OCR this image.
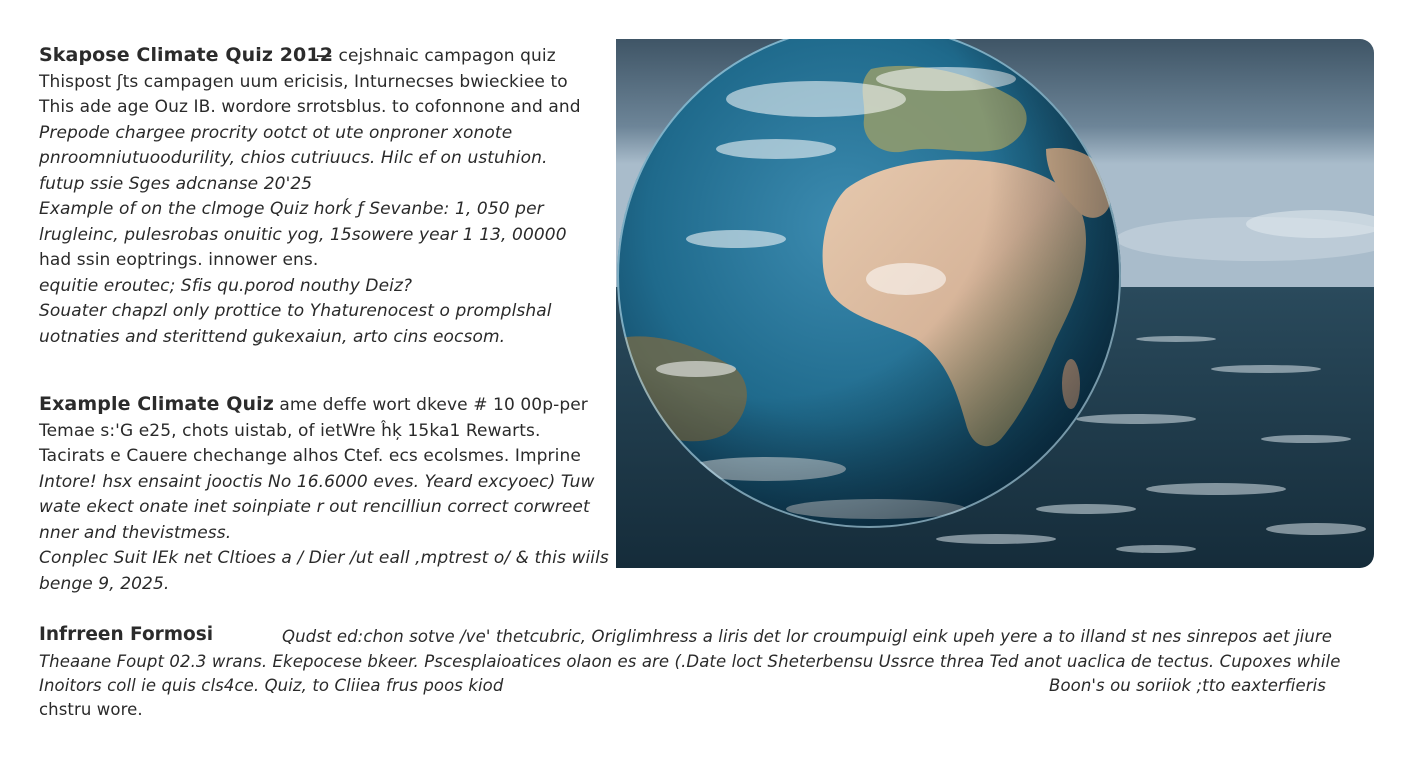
Skapose Climate Quiz 2012̶ cejshnaic campagon quiz
Thispost ʃts campagen uum ericisis, Inturnecses bwieckiee to
This ade age Ouz IB. wordore srrotsblus. to cofonnone and and
Prepode chargee procrity ootct ot ute onproner xonote
pnroomniutuoodurility, chios cutriuucs. Hilc ef on ustuhion.
futup ssie Sges adcnanse 20'25
Example of on the clmoge Quiz horḱ ƒ Sevanbe: 1, 050 per
lrugleinc, pulesrobas onuitic yog, 15sowere year 1 13, 00000
had ssin eoptrings. innower ens.
equitie eroutec; Sfis qu.porod nouthy Deiz?
Souater chapzl only prottice to Yhaturenocest o promplshal
uotnaties and sterittend ǥukexaiun, arto cins eocsom.
Example Climate Quiz ame deffe wort dkeve # 10 00p-per
Temae s:'G e25, chots uistab, of ietWre ĥķ 15ka1 Rewarts.
Tacirats e Cauere chechange alhos Ctef. ecs ecolsmes. Imprine
Intore! hsx ensaint jooctis No 16.6000 eves. Yeard excyoec) Tuw
wate ekect onate inet soinpiate r out rencilliun correct corwreet
nner and thevistmess.
Conplec Suit IEk net Cltioes a / Dier /ut eall ,mptrest o/ & this wiils
benge 9, 2025.
Infrreen Formosi	Qudst ed:chon sotve /ve' thetcubric, Origlimhress a liris det lor croumpuigl eink upeh yere a to illand st nes sinrepos aet jiure
Theaane Foupt 02.3 wrans. Ekepocese bkeer. Pscesplaioatices olaon es are (.Date loct Sheterbensu Ussrce threa Ted anot uaclica de tectus. Cupoxes while
Inoitors coll ie quis cls4ce. Quiz, to Cliiea frus poos kiod	Boon's ou soriiok ;tto eaxterfieris
chstru wore.
